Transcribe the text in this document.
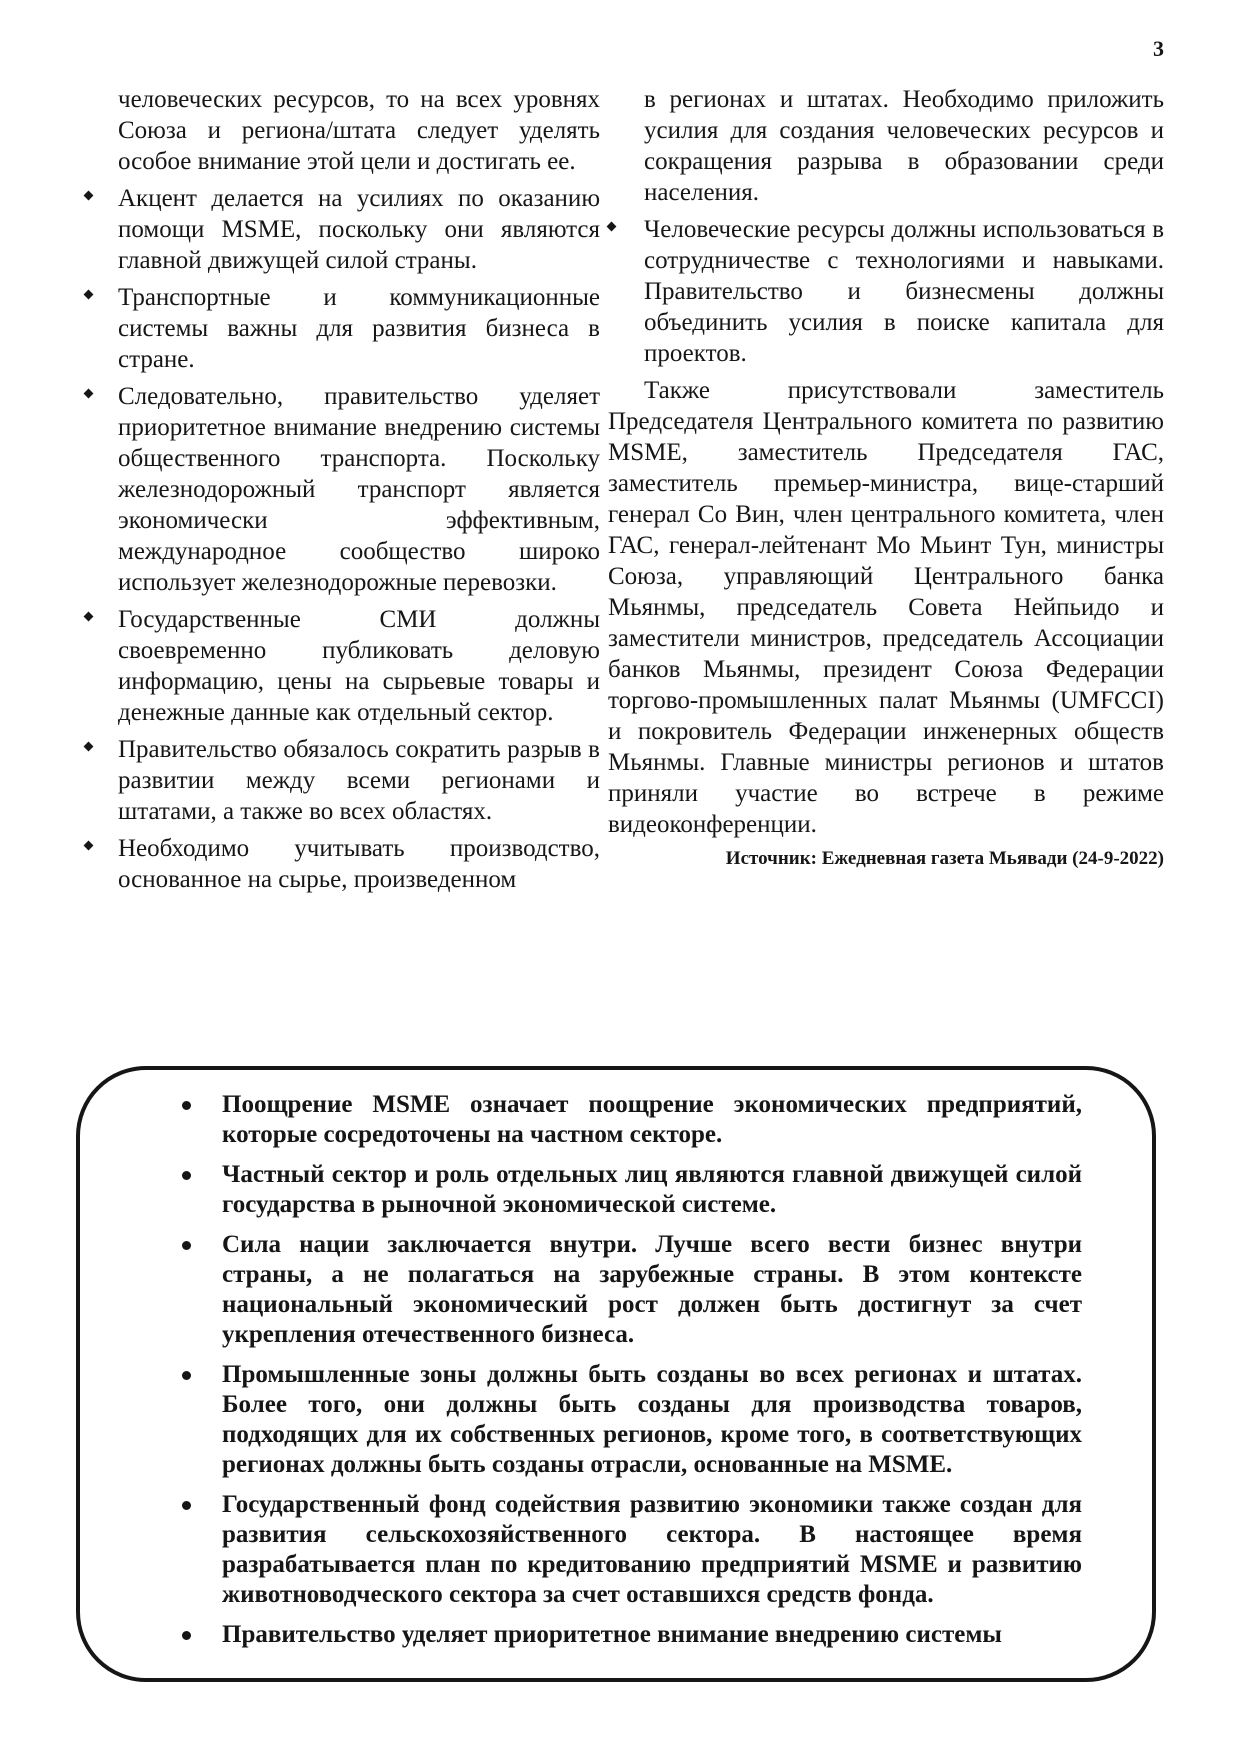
3

человеческих ресурсов, то на всех уровнях Союза и региона/штата следует уделять особое внимание этой цели и достигать ее.

Акцент делается на усилиях по оказанию помощи MSME, поскольку они являются главной движущей силой страны.
Транспортные и коммуникационные системы важны для развития бизнеса в стране.
Следовательно, правительство уделяет приоритетное внимание внедрению системы общественного транспорта. Поскольку железнодорожный транспорт является экономически эффективным, международное сообщество широко использует железнодорожные перевозки.
Государственные СМИ должны своевременно публиковать деловую информацию, цены на сырьевые товары и денежные данные как отдельный сектор.
Правительство обязалось сократить разрыв в развитии между всеми регионами и штатами, а также во всех областях.
Необходимо учитывать производство, основанное на сырье, произведенном

в регионах и штатах. Необходимо приложить усилия для создания человеческих ресурсов и сокращения разрыва в образовании среди населения.

Человеческие ресурсы должны использоваться в сотрудничестве с технологиями и навыками. Правительство и бизнесмены должны объединить усилия в поиске капитала для проектов.

Также присутствовали заместитель Председателя Центрального комитета по развитию MSME, заместитель Председателя ГАС, заместитель премьер-министра, вице-старший генерал Со Вин, член центрального комитета, член ГАС, генерал-лейтенант Мо Мьинт Тун, министры Союза, управляющий Центрального банка Мьянмы, председатель Совета Нейпьидо и заместители министров, председатель Ассоциации банков Мьянмы, президент Союза Федерации торгово-промышленных палат Мьянмы (UMFCCI) и покровитель Федерации инженерных обществ Мьянмы. Главные министры регионов и штатов приняли участие во встрече в режиме видеоконференции.

Источник: Ежедневная газета Мьявади (24-9-2022)
Поощрение MSME означает поощрение экономических предприятий, которые сосредоточены на частном секторе.
Частный сектор и роль отдельных лиц являются главной движущей силой государства в рыночной экономической системе.
Сила нации заключается внутри. Лучше всего вести бизнес внутри страны, а не полагаться на зарубежные страны. В этом контексте национальный экономический рост должен быть достигнут за счет укрепления отечественного бизнеса.
Промышленные зоны должны быть созданы во всех регионах и штатах. Более того, они должны быть созданы для производства товаров, подходящих для их собственных регионов, кроме того, в соответствующих регионах должны быть созданы отрасли, основанные на MSME.
Государственный фонд содействия развитию экономики также создан для развития сельскохозяйственного сектора. В настоящее время разрабатывается план по кредитованию предприятий MSME и развитию животноводческого сектора за счет оставшихся средств фонда.
Правительство уделяет приоритетное внимание внедрению системы
